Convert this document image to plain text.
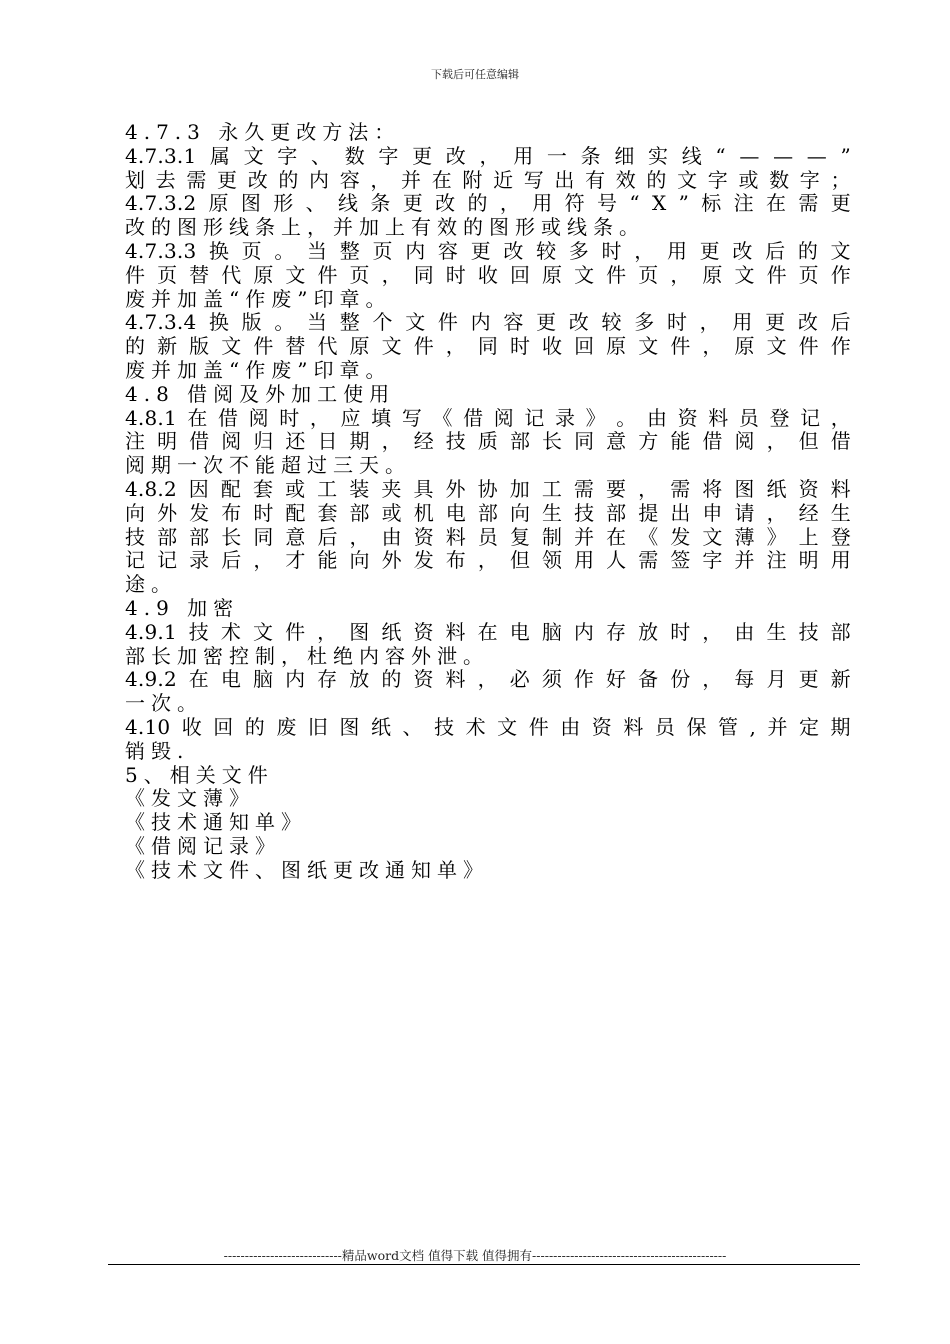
下载后可任意编辑
4.7.3 永久更改方法：
4.7.3.1 属 文 字 、 数 字 更 改 ， 用 一 条 细 实 线 “ — — — ”
划 去 需 更 改 的 内 容 ， 并 在 附 近 写 出 有 效 的 文 字 或 数 字 ；
4.7.3.2 原 图 形 、 线 条 更 改 的 ， 用 符 号 “ X ” 标 注 在 需 更
改的图形线条上，并加上有效的图形或线条。
4.7.3.3 换 页 。 当 整 页 内 容 更 改 较 多 时 ， 用 更 改 后 的 文
件 页 替 代 原 文 件 页 ， 同 时 收 回 原 文 件 页 ， 原 文 件 页 作
废并加盖“作废”印章。
4.7.3.4 换 版 。 当 整 个 文 件 内 容 更 改 较 多 时 ， 用 更 改 后
的 新 版 文 件 替 代 原 文 件 ， 同 时 收 回 原 文 件 ， 原 文 件 作
废并加盖“作废”印章。
4.8 借阅及外加工使用
4.8.1 在 借 阅 时 ， 应 填 写 《 借 阅 记 录 》 。 由 资 料 员 登 记 ，
注 明 借 阅 归 还 日 期 ， 经 技 质 部 长 同 意 方 能 借 阅 ， 但 借
阅期一次不能超过三天。
4.8.2 因 配 套 或 工 装 夹 具 外 协 加 工 需 要 ， 需 将 图 纸 资 料
向 外 发 布 时 配 套 部 或 机 电 部 向 生 技 部 提 出 申 请 ， 经 生
技 部 部 长 同 意 后 ， 由 资 料 员 复 制 并 在 《 发 文 薄 》 上 登
记 记 录 后 ， 才 能 向 外 发 布 ， 但 领 用 人 需 签 字 并 注 明 用
途。
4.9 加密
4.9.1 技 术 文 件 ， 图 纸 资 料 在 电 脑 内 存 放 时 ， 由 生 技 部
部长加密控制，杜绝内容外泄。
4.9.2 在 电 脑 内 存 放 的 资 料 ， 必 须 作 好 备 份 ， 每 月 更 新
一次。
4.10 收 回 的 废 旧 图 纸 、 技 术 文 件 由 资 料 员 保 管 , 并 定 期
销毁.
5、相关文件
《发文薄》
《技术通知单》
《借阅记录》
《技术文件、图纸更改通知单》
----------------------------精品word文档 值得下载 值得拥有----------------------------------------------
